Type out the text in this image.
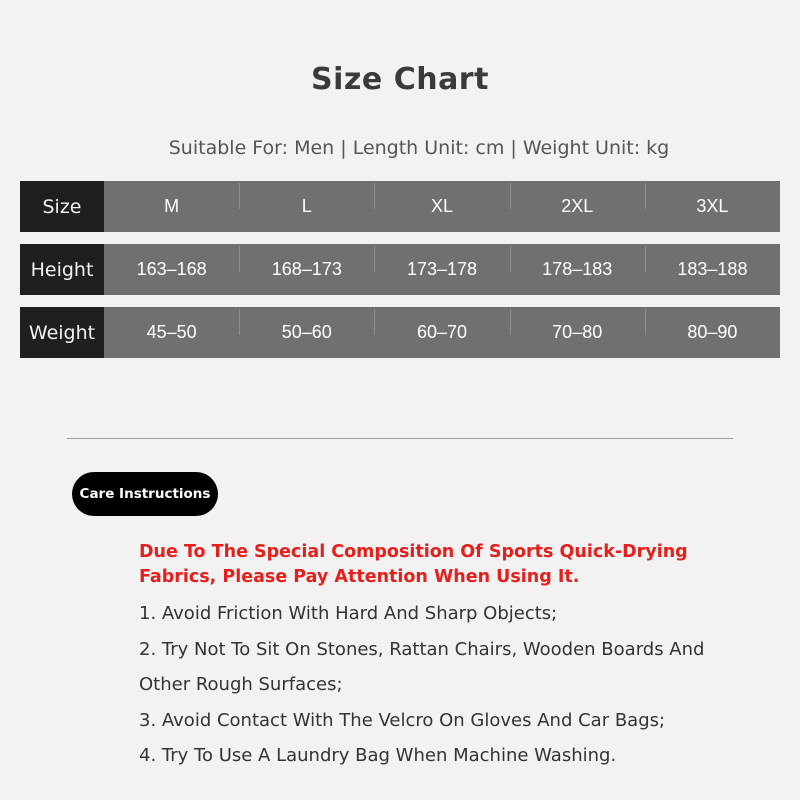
Size Chart
Suitable For: Men | Length Unit: cm | Weight Unit: kg
Size	M	L	XL	2XL	3XL
Height	163–168	168–173	173–178	178–183	183–188
Weight	45–50	50–60	60–70	70–80	80–90
Care Instructions

Due To The Special Composition Of Sports Quick-Drying Fabrics, Please Pay Attention When Using It.

1. Avoid Friction With Hard And Sharp Objects;
2. Try Not To Sit On Stones, Rattan Chairs, Wooden Boards And Other Rough Surfaces;
3. Avoid Contact With The Velcro On Gloves And Car Bags;
4. Try To Use A Laundry Bag When Machine Washing.
